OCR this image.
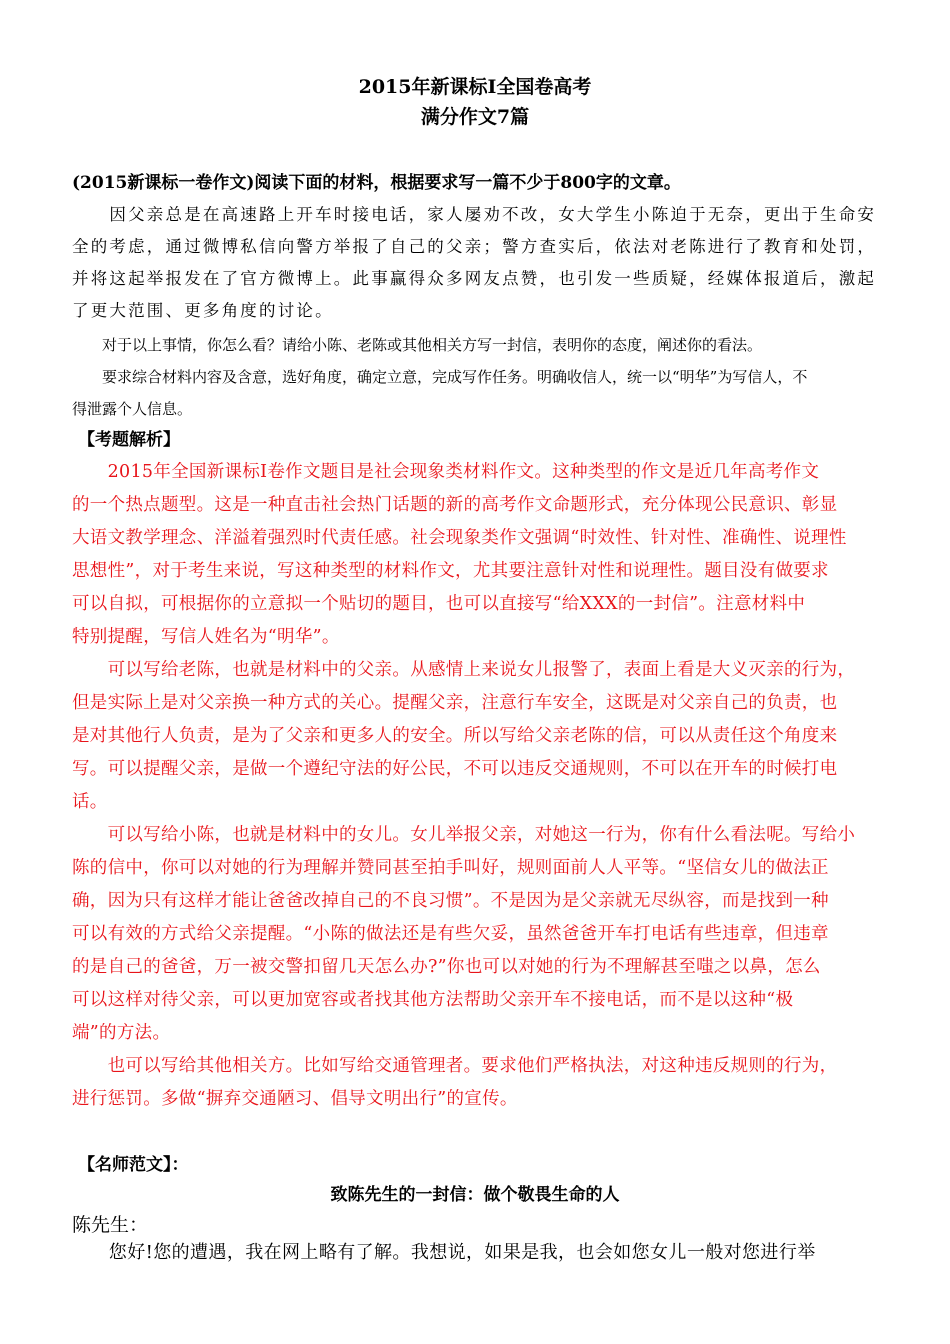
2015年新课标I全国卷高考
满分作文7篇
(2015新课标一卷作文)阅读下面的材料，根据要求写一篇不少于800字的文章。
　　因父亲总是在高速路上开车时接电话，家人屡劝不改，女大学生小陈迫于无奈，更出于生命安
全的考虑，通过微博私信向警方举报了自己的父亲；警方查实后，依法对老陈进行了教育和处罚，
并将这起举报发在了官方微博上。此事赢得众多网友点赞，也引发一些质疑，经媒体报道后，激起
了更大范围、更多角度的讨论。
　　对于以上事情，你怎么看？请给小陈、老陈或其他相关方写一封信，表明你的态度，阐述你的看法。
　　要求综合材料内容及含意，选好角度，确定立意，完成写作任务。明确收信人，统一以“明华”为写信人，不
得泄露个人信息。
【考题解析】
　　2015年全国新课标I卷作文题目是社会现象类材料作文。这种类型的作文是近几年高考作文
的一个热点题型。这是一种直击社会热门话题的新的高考作文命题形式，充分体现公民意识、彰显
大语文教学理念、洋溢着强烈时代责任感。社会现象类作文强调“时效性、针对性、准确性、说理性
思想性”，对于考生来说，写这种类型的材料作文，尤其要注意针对性和说理性。题目没有做要求
可以自拟，可根据你的立意拟一个贴切的题目，也可以直接写“给XXX的一封信”。注意材料中
特别提醒，写信人姓名为“明华”。
　　可以写给老陈，也就是材料中的父亲。从感情上来说女儿报警了，表面上看是大义灭亲的行为，
但是实际上是对父亲换一种方式的关心。提醒父亲，注意行车安全，这既是对父亲自己的负责，也
是对其他行人负责，是为了父亲和更多人的安全。所以写给父亲老陈的信，可以从责任这个角度来
写。可以提醒父亲，是做一个遵纪守法的好公民，不可以违反交通规则，不可以在开车的时候打电
话。
　　可以写给小陈，也就是材料中的女儿。女儿举报父亲，对她这一行为，你有什么看法呢。写给小
陈的信中，你可以对她的行为理解并赞同甚至拍手叫好，规则面前人人平等。“坚信女儿的做法正
确，因为只有这样才能让爸爸改掉自己的不良习惯”。不是因为是父亲就无尽纵容，而是找到一种
可以有效的方式给父亲提醒。“小陈的做法还是有些欠妥，虽然爸爸开车打电话有些违章，但违章
的是自己的爸爸，万一被交警扣留几天怎么办?”你也可以对她的行为不理解甚至嗤之以鼻，怎么
可以这样对待父亲，可以更加宽容或者找其他方法帮助父亲开车不接电话，而不是以这种“极
端”的方法。
　　也可以写给其他相关方。比如写给交通管理者。要求他们严格执法，对这种违反规则的行为，
进行惩罚。多做“摒弃交通陋习、倡导文明出行”的宣传。
【名师范文】：
致陈先生的一封信：做个敬畏生命的人
陈先生：
　　您好!您的遭遇，我在网上略有了解。我想说，如果是我，也会如您女儿一般对您进行举
